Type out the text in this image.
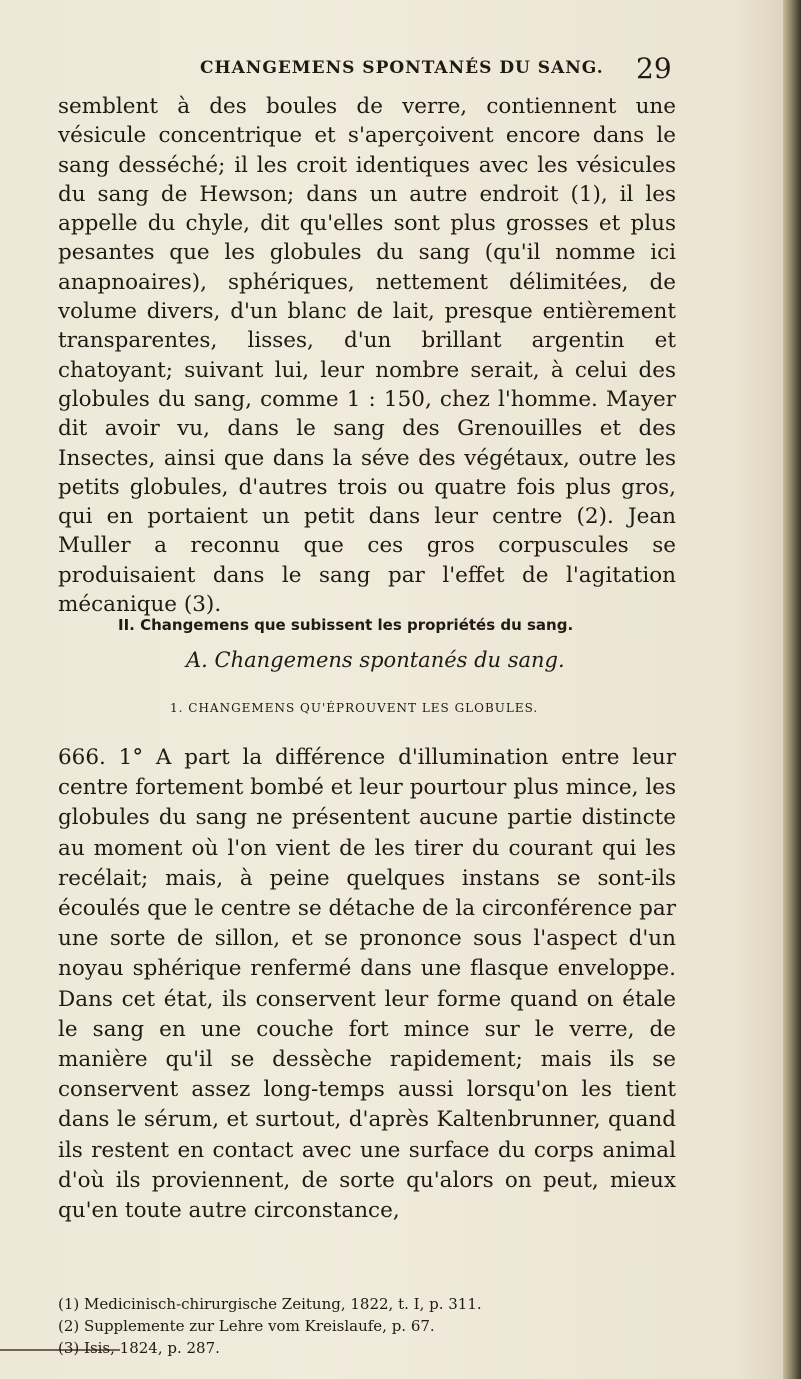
CHANGEMENS SPONTANÉS DU SANG.	29

semblent à des boules de verre, contiennent une vésicule concentrique et s'aperçoivent encore dans le sang desséché; il les croit identiques avec les vésicules du sang de Hewson; dans un autre endroit (1), il les appelle du chyle, dit qu'elles sont plus grosses et plus pesantes que les globules du sang (qu'il nomme ici anapnoaires), sphériques, nettement délimitées, de volume divers, d'un blanc de lait, presque entièrement transparentes, lisses, d'un brillant argentin et chatoyant; suivant lui, leur nombre serait, à celui des globules du sang, comme 1 : 150, chez l'homme. Mayer dit avoir vu, dans le sang des Grenouilles et des Insectes, ainsi que dans la séve des végétaux, outre les petits globules, d'autres trois ou quatre fois plus gros, qui en portaient un petit dans leur centre (2). Jean Muller a reconnu que ces gros corpuscules se produisaient dans le sang par l'effet de l'agitation mécanique (3).

II. Changemens que subissent les propriétés du sang.
A. Changemens spontanés du sang.
1. CHANGEMENS QU'ÉPROUVENT LES GLOBULES.
666. 1° A part la différence d'illumination entre leur centre fortement bombé et leur pourtour plus mince, les globules du sang ne présentent aucune partie distincte au moment où l'on vient de les tirer du courant qui les recélait; mais, à peine quelques instans se sont-ils écoulés que le centre se détache de la circonférence par une sorte de sillon, et se prononce sous l'aspect d'un noyau sphérique renfermé dans une flasque enveloppe. Dans cet état, ils conservent leur forme quand on étale le sang en une couche fort mince sur le verre, de manière qu'il se dessèche rapidement; mais ils se conservent assez long-temps aussi lorsqu'on les tient dans le sérum, et surtout, d'après Kaltenbrunner, quand ils restent en contact avec une surface du corps animal d'où ils proviennent, de sorte qu'alors on peut, mieux qu'en toute autre circonstance,

(1) Medicinisch-chirurgische Zeitung, 1822, t. I, p. 311.

(2) Supplemente zur Lehre vom Kreislaufe, p. 67.

(3) Isis, 1824, p. 287.
